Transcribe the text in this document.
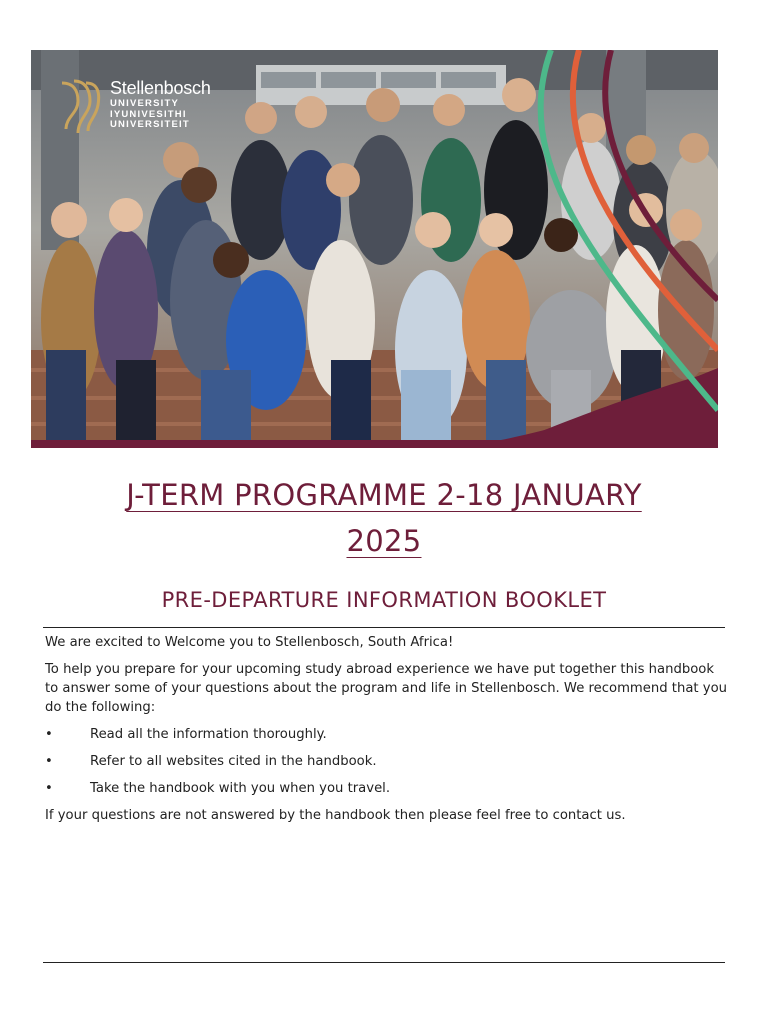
Stellenbosch
UNIVERSITY
IYUNIVESITHI
UNIVERSITEIT
J-TERM PROGRAMME 2-18 JANUARY
2025
PRE-DEPARTURE INFORMATION BOOKLET

We are excited to Welcome you to Stellenbosch, South Africa!

To help you prepare for your upcoming study abroad experience we have put together this handbook to answer some of your questions about the program and life in Stellenbosch. We recommend that you do the following:

•	Read all the information thoroughly.
•	Refer to all websites cited in the handbook.
•	Take the handbook with you when you travel.

If your questions are not answered by the handbook then please feel free to contact us.
